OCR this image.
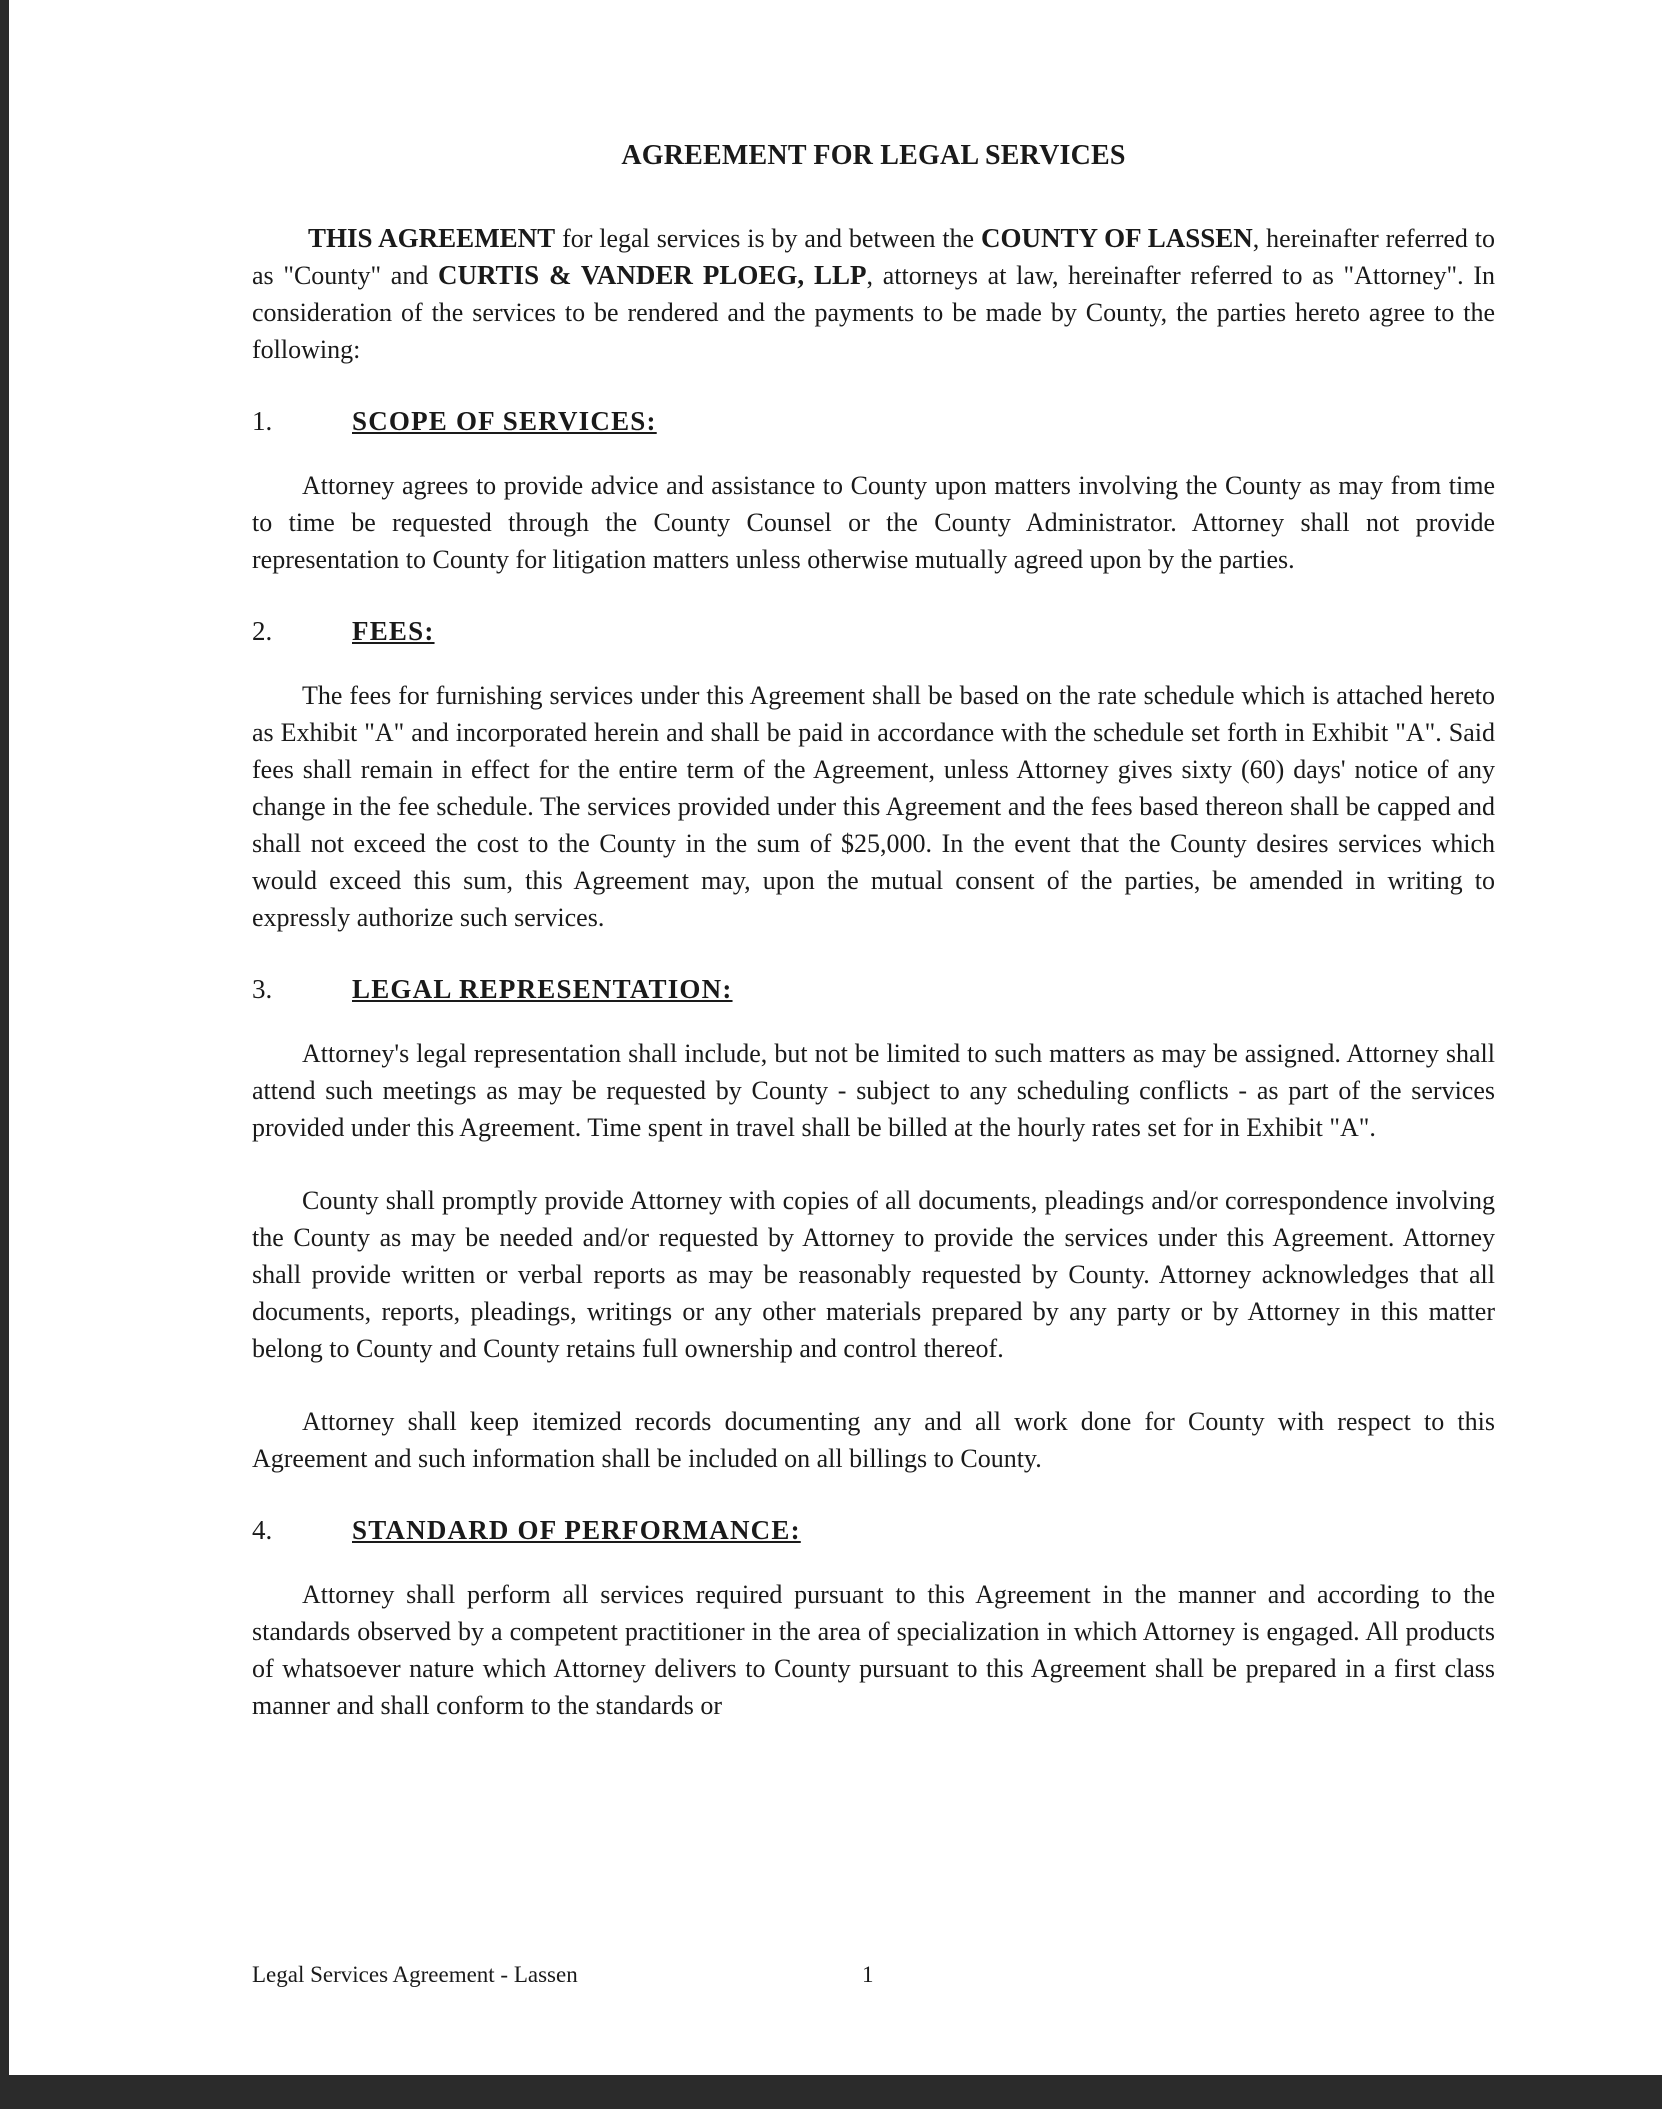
AGREEMENT FOR LEGAL SERVICES

THIS AGREEMENT for legal services is by and between the COUNTY OF LASSEN, hereinafter referred to as "County" and CURTIS & VANDER PLOEG, LLP, attorneys at law, hereinafter referred to as "Attorney". In consideration of the services to be rendered and the payments to be made by County, the parties hereto agree to the following:

1.	SCOPE OF SERVICES:

Attorney agrees to provide advice and assistance to County upon matters involving the County as may from time to time be requested through the County Counsel or the County Administrator. Attorney shall not provide representation to County for litigation matters unless otherwise mutually agreed upon by the parties.

2.	FEES:

The fees for furnishing services under this Agreement shall be based on the rate schedule which is attached hereto as Exhibit "A" and incorporated herein and shall be paid in accordance with the schedule set forth in Exhibit "A". Said fees shall remain in effect for the entire term of the Agreement, unless Attorney gives sixty (60) days' notice of any change in the fee schedule. The services provided under this Agreement and the fees based thereon shall be capped and shall not exceed the cost to the County in the sum of $25,000. In the event that the County desires services which would exceed this sum, this Agreement may, upon the mutual consent of the parties, be amended in writing to expressly authorize such services.

3.	LEGAL REPRESENTATION:

Attorney's legal representation shall include, but not be limited to such matters as may be assigned. Attorney shall attend such meetings as may be requested by County - subject to any scheduling conflicts - as part of the services provided under this Agreement. Time spent in travel shall be billed at the hourly rates set for in Exhibit "A".

County shall promptly provide Attorney with copies of all documents, pleadings and/or correspondence involving the County as may be needed and/or requested by Attorney to provide the services under this Agreement. Attorney shall provide written or verbal reports as may be reasonably requested by County. Attorney acknowledges that all documents, reports, pleadings, writings or any other materials prepared by any party or by Attorney in this matter belong to County and County retains full ownership and control thereof.

Attorney shall keep itemized records documenting any and all work done for County with respect to this Agreement and such information shall be included on all billings to County.

4.	STANDARD OF PERFORMANCE:

Attorney shall perform all services required pursuant to this Agreement in the manner and according to the standards observed by a competent practitioner in the area of specialization in which Attorney is engaged. All products of whatsoever nature which Attorney delivers to County pursuant to this Agreement shall be prepared in a first class manner and shall conform to the standards or

Legal Services Agreement - Lassen	1
